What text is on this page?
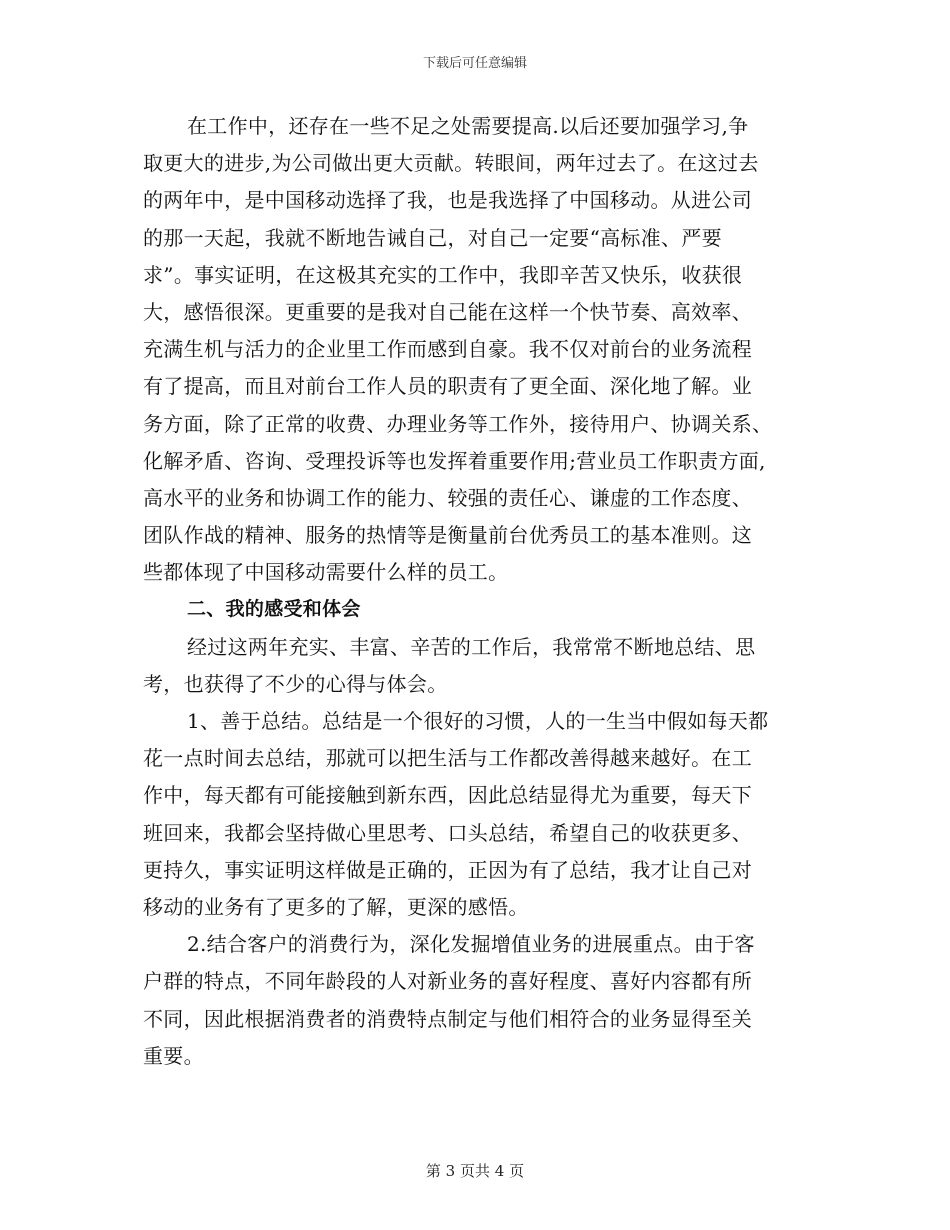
下载后可任意编辑
在工作中，还存在一些不足之处需要提高.以后还要加强学习,争
取更大的进步,为公司做出更大贡献。转眼间，两年过去了。在这过去
的两年中，是中国移动选择了我，也是我选择了中国移动。从进公司
的那一天起，我就不断地告诫自己，对自己一定要“高标准、严要
求”。事实证明，在这极其充实的工作中，我即辛苦又快乐，收获很
大，感悟很深。更重要的是我对自己能在这样一个快节奏、高效率、
充满生机与活力的企业里工作而感到自豪。我不仅对前台的业务流程
有了提高，而且对前台工作人员的职责有了更全面、深化地了解。业
务方面，除了正常的收费、办理业务等工作外，接待用户、协调关系、
化解矛盾、咨询、受理投诉等也发挥着重要作用;营业员工作职责方面,
高水平的业务和协调工作的能力、较强的责任心、谦虚的工作态度、
团队作战的精神、服务的热情等是衡量前台优秀员工的基本准则。这
些都体现了中国移动需要什么样的员工。
二、我的感受和体会
经过这两年充实、丰富、辛苦的工作后，我常常不断地总结、思
考，也获得了不少的心得与体会。
1、善于总结。总结是一个很好的习惯，人的一生当中假如每天都
花一点时间去总结，那就可以把生活与工作都改善得越来越好。在工
作中，每天都有可能接触到新东西，因此总结显得尤为重要，每天下
班回来，我都会坚持做心里思考、口头总结，希望自己的收获更多、
更持久，事实证明这样做是正确的，正因为有了总结，我才让自己对
移动的业务有了更多的了解，更深的感悟。
2.结合客户的消费行为，深化发掘增值业务的进展重点。由于客
户群的特点，不同年龄段的人对新业务的喜好程度、喜好内容都有所
不同，因此根据消费者的消费特点制定与他们相符合的业务显得至关
重要。
第 3 页共 4 页
